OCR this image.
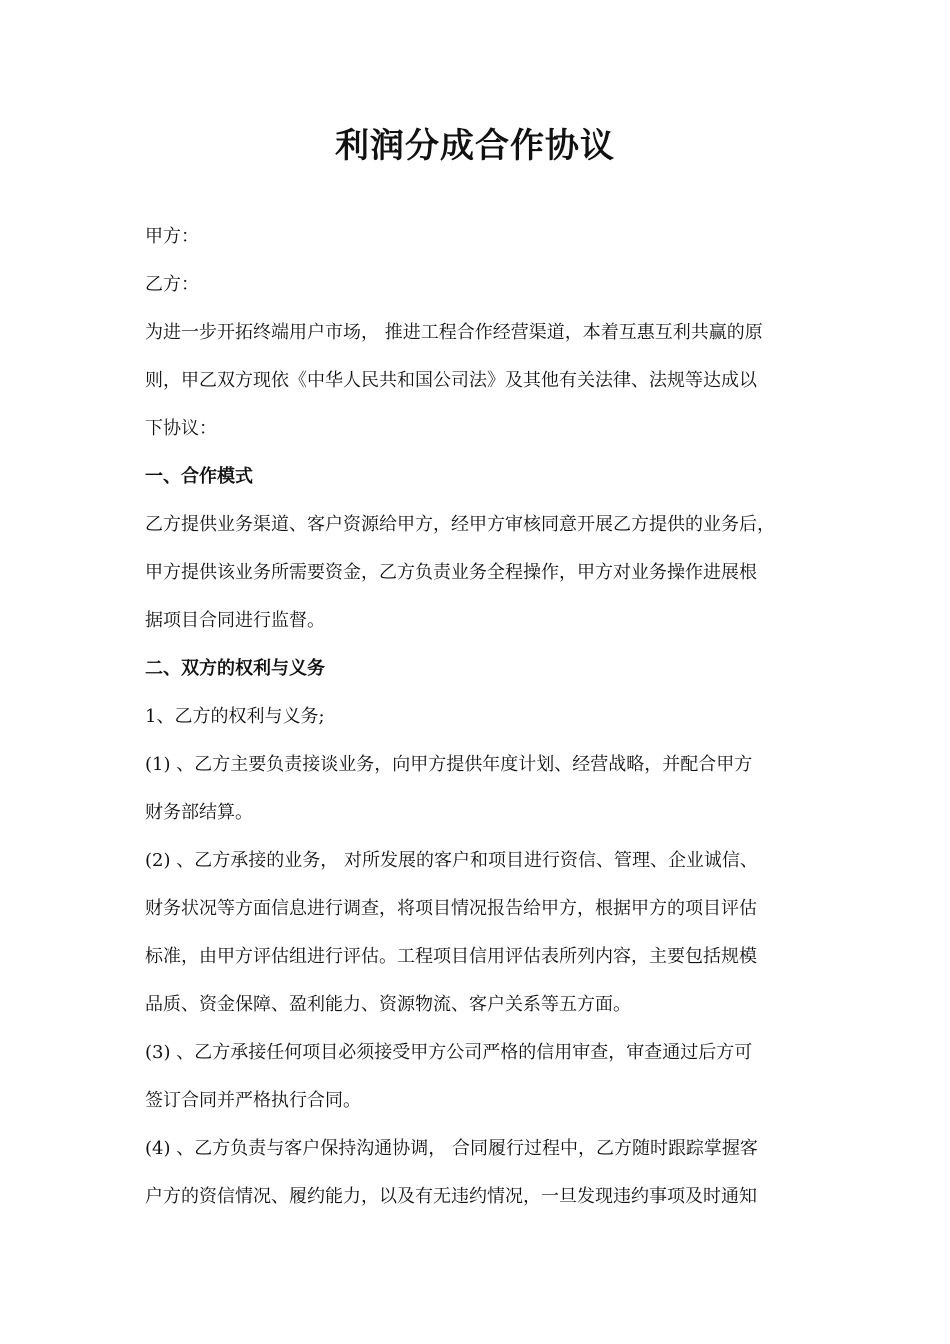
利润分成合作协议

甲方：

乙方：

为进一步开拓终端用户市场， 推进工程合作经营渠道，本着互惠互利共赢的原

则，甲乙双方现依《中华人民共和国公司法》及其他有关法律、法规等达成以

下协议：

一、合作模式

乙方提供业务渠道、客户资源给甲方，经甲方审核同意开展乙方提供的业务后，

甲方提供该业务所需要资金，乙方负责业务全程操作，甲方对业务操作进展根

据项目合同进行监督。

二、双方的权利与义务

1、乙方的权利与义务;

(1) 、乙方主要负责接谈业务，向甲方提供年度计划、经营战略，并配合甲方

财务部结算。

(2) 、乙方承接的业务， 对所发展的客户和项目进行资信、管理、企业诚信、

财务状况等方面信息进行调查，将项目情况报告给甲方，根据甲方的项目评估

标准，由甲方评估组进行评估。工程项目信用评估表所列内容，主要包括规模

品质、资金保障、盈利能力、资源物流、客户关系等五方面。

(3) 、乙方承接任何项目必须接受甲方公司严格的信用审查，审查通过后方可

签订合同并严格执行合同。

(4) 、乙方负责与客户保持沟通协调， 合同履行过程中，乙方随时跟踪掌握客

户方的资信情况、履约能力，以及有无违约情况，一旦发现违约事项及时通知
